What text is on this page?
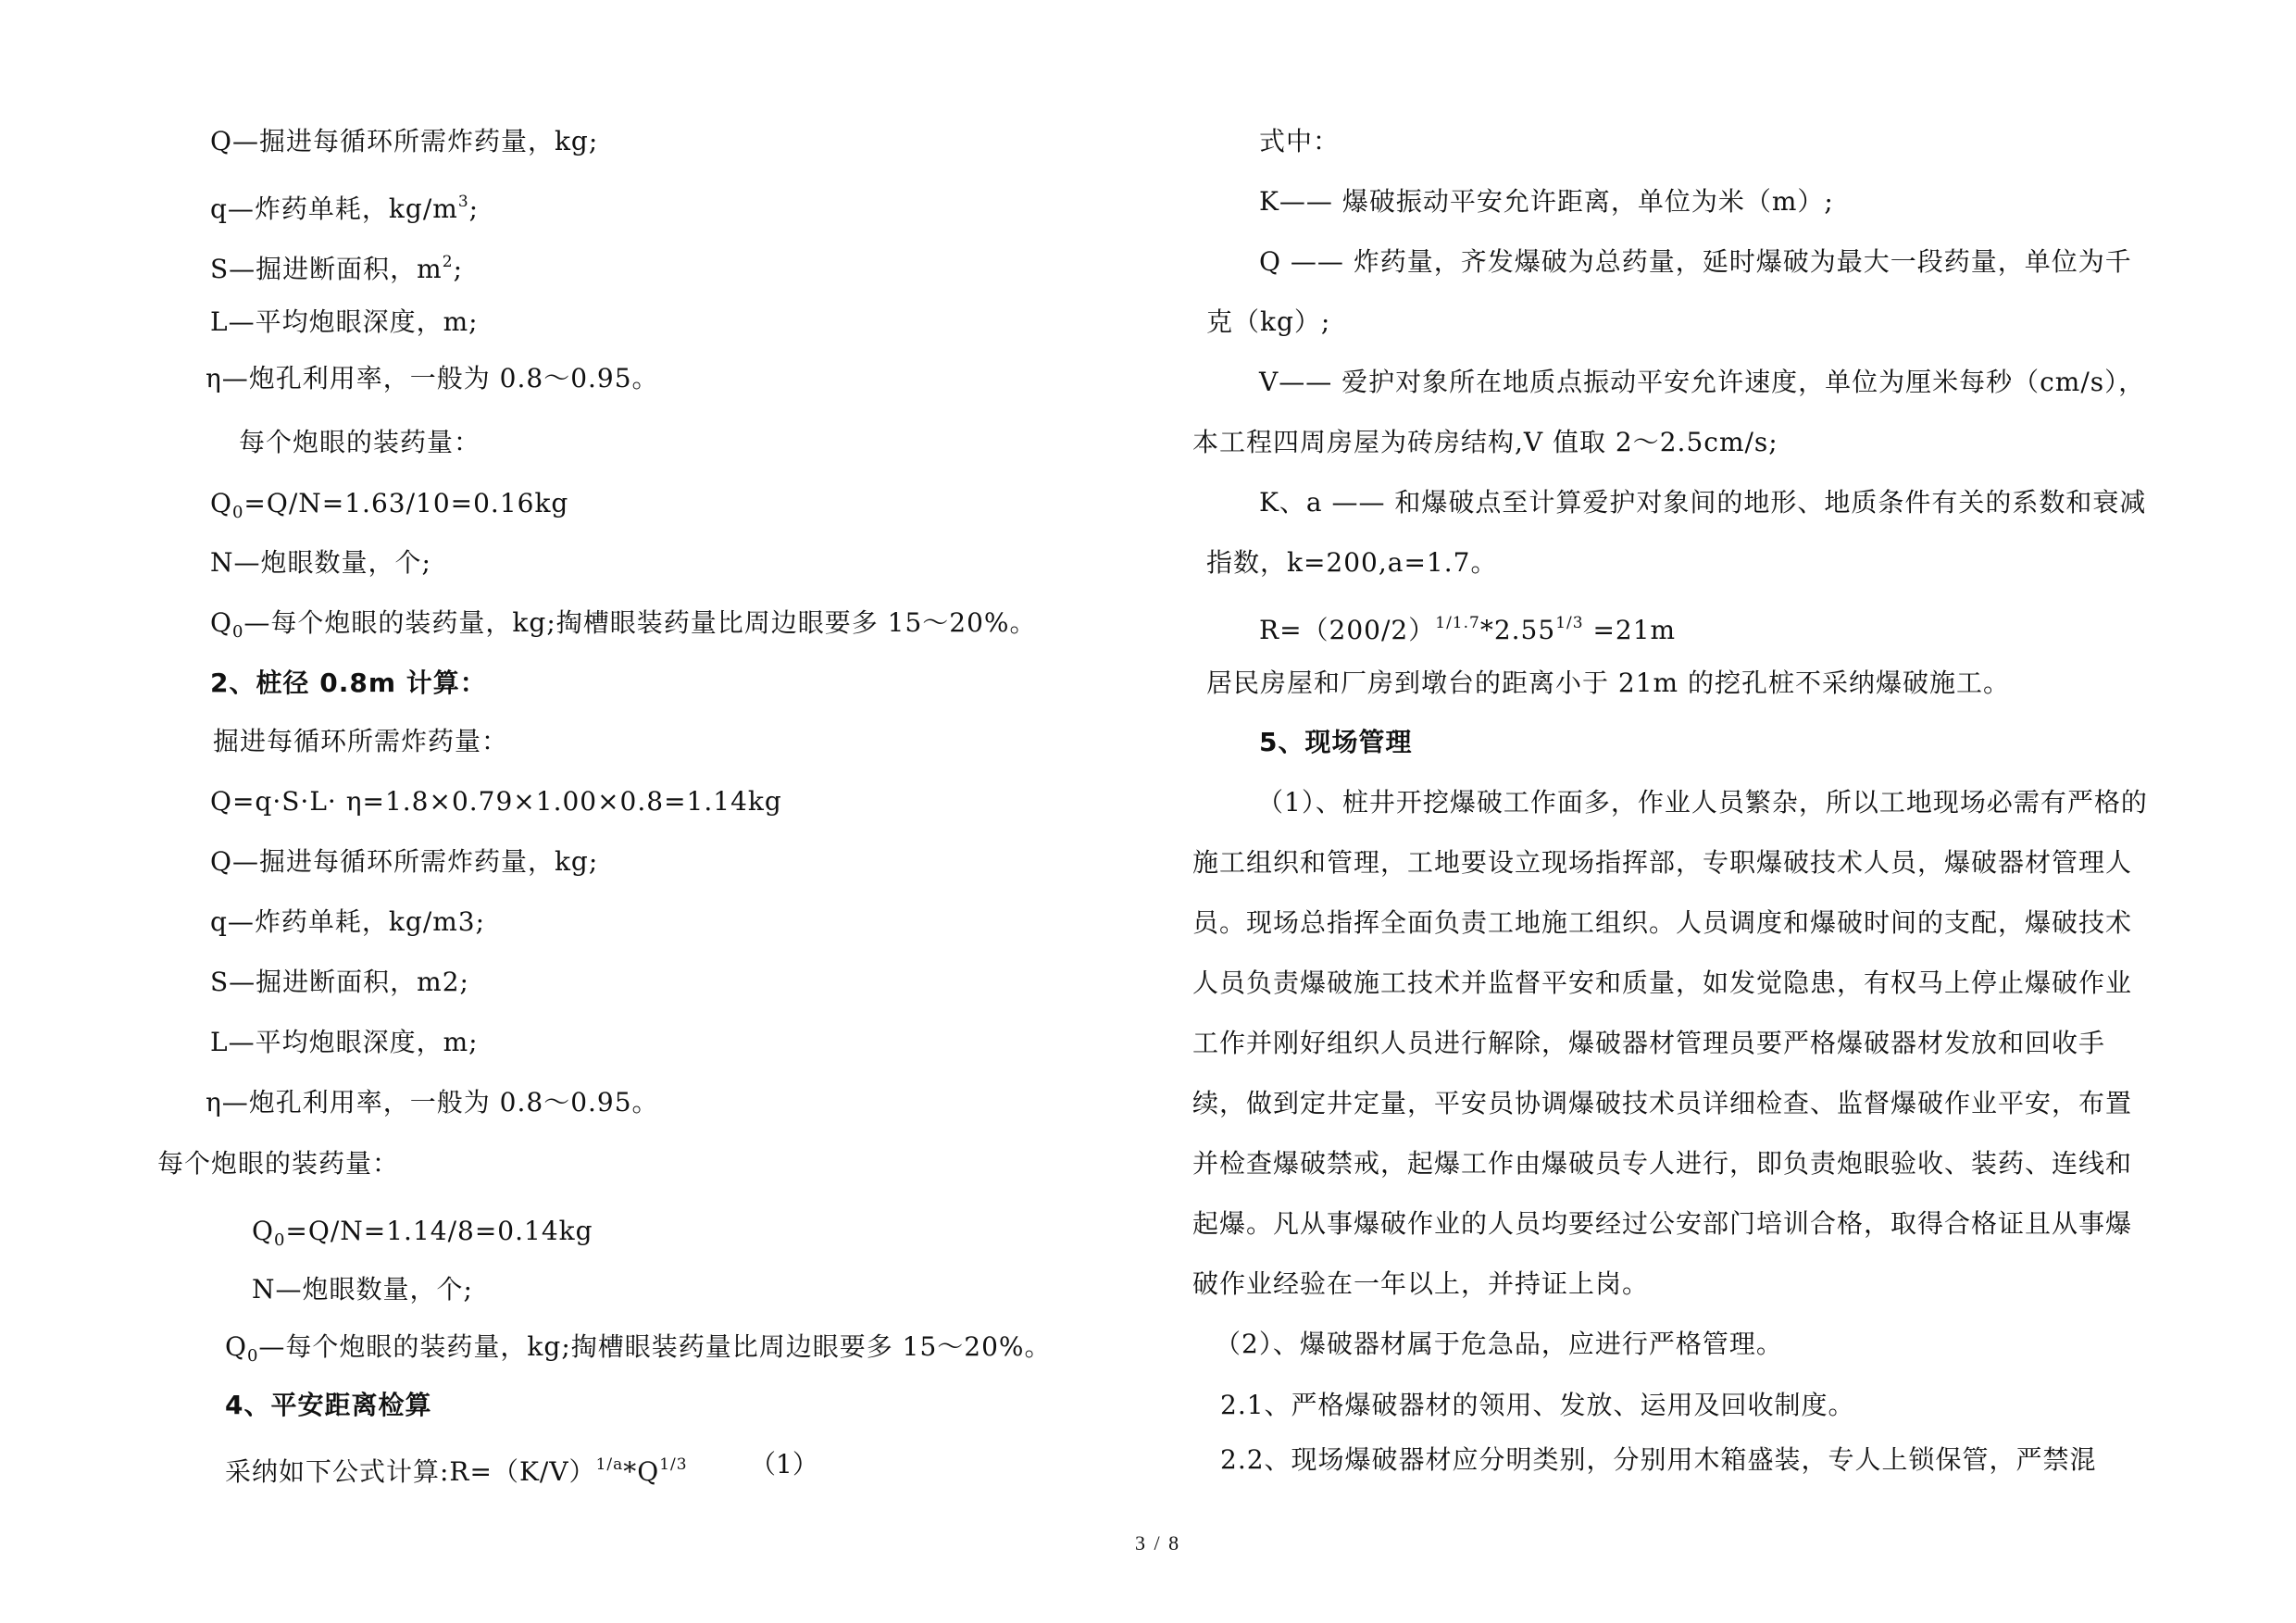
Q—掘进每循环所需炸药量，kg;
q—炸药单耗，$kg/m^3$;
S—掘进断面积，$m^2$;
L—平均炮眼深度，m;
η—炮孔利用率，一般为 0.8～0.95。
每个炮眼的装药量：
$Q_0=Q/N=1.63/10=0.16kg$
N—炮眼数量，个;
$Q_0—$每个炮眼的装药量，kg;掏槽眼装药量比周边眼要多 15～20%。
2、桩径 0.8m 计算：
掘进每循环所需炸药量：
Q=q·S·L· η=1.8×0.79×1.00×0.8=1.14kg
Q—掘进每循环所需炸药量，kg;
q—炸药单耗，kg/m3;
S—掘进断面积，m2;
L—平均炮眼深度，m;
η—炮孔利用率，一般为 0.8～0.95。
每个炮眼的装药量：
$Q_0=Q/N=1.14/8=0.14kg$
N—炮眼数量，个;
$Q_0—$每个炮眼的装药量，kg;掏槽眼装药量比周边眼要多 15～20%。
4、平安距离检算
采纳如下公式计算$:R=(K/V)^{1/a}*Q^{1/3}$ （1）
式中：
K—— 爆破振动平安允许距离，单位为米（m）;
Q —— 炸药量，齐发爆破为总药量，延时爆破为最大一段药量，单位为千
克（kg）;
V—— 爱护对象所在地质点振动平安允许速度，单位为厘米每秒（cm/s），
本工程四周房屋为砖房结构,V 值取 2～2.5cm/s;
K、a —— 和爆破点至计算爱护对象间的地形、地质条件有关的系数和衰减
指数，k=200,a=1.7。
$R=(200/2)^{1/1.7}*2.55^{1/3} =21m$
居民房屋和厂房到墩台的距离小于 21m 的挖孔桩不采纳爆破施工。
5、现场管理
（1）、桩井开挖爆破工作面多，作业人员繁杂，所以工地现场必需有严格的
施工组织和管理，工地要设立现场指挥部，专职爆破技术人员，爆破器材管理人
员。现场总指挥全面负责工地施工组织。人员调度和爆破时间的支配，爆破技术
人员负责爆破施工技术并监督平安和质量，如发觉隐患，有权马上停止爆破作业
工作并刚好组织人员进行解除，爆破器材管理员要严格爆破器材发放和回收手
续，做到定井定量，平安员协调爆破技术员详细检查、监督爆破作业平安，布置
并检查爆破禁戒，起爆工作由爆破员专人进行，即负责炮眼验收、装药、连线和
起爆。凡从事爆破作业的人员均要经过公安部门培训合格，取得合格证且从事爆
破作业经验在一年以上，并持证上岗。
（2）、爆破器材属于危急品，应进行严格管理。
2.1、严格爆破器材的领用、发放、运用及回收制度。
2.2、现场爆破器材应分明类别，分别用木箱盛装，专人上锁保管，严禁混
3 / 8
